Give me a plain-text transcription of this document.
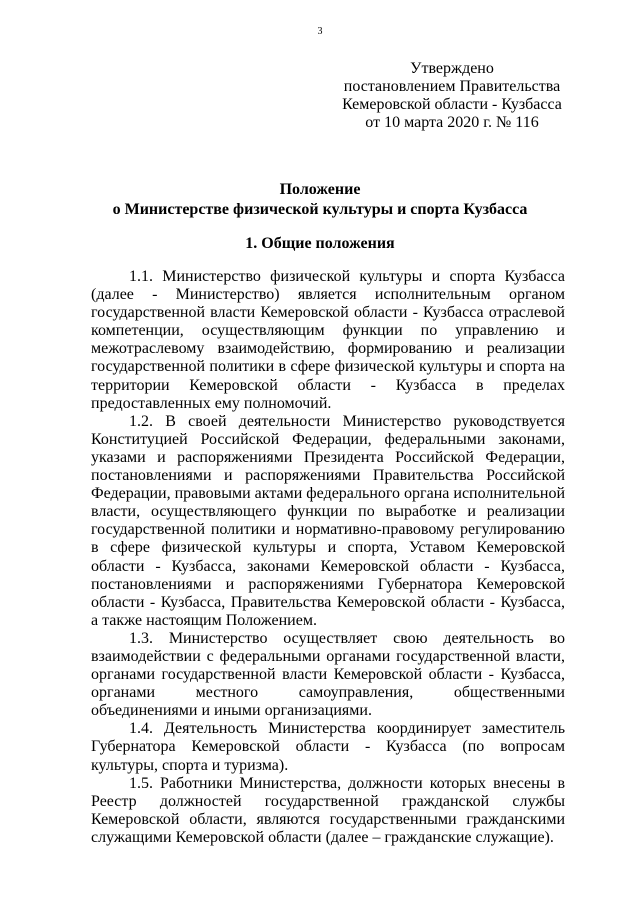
3
Утверждено
постановлением Правительства
Кемеровской области - Кузбасса
от 10 марта 2020 г. № 116
Положение
о Министерстве физической культуры и спорта Кузбасса
1. Общие положения

1.1. Министерство физической культуры и спорта Кузбасса (далее - Министерство) является исполнительным органом государственной власти Кемеровской области - Кузбасса отраслевой компетенции, осуществляющим функции по управлению и межотраслевому взаимодействию, формированию и реализации государственной политики в сфере физической культуры и спорта на территории Кемеровской области - Кузбасса в пределах предоставленных ему полномочий.

1.2. В своей деятельности Министерство руководствуется Конституцией Российской Федерации, федеральными законами, указами и распоряжениями Президента Российской Федерации, постановлениями и распоряжениями Правительства Российской Федерации, правовыми актами федерального органа исполнительной власти, осуществляющего функции по выработке и реализации государственной политики и нормативно-правовому регулированию в сфере физической культуры и спорта, Уставом Кемеровской области - Кузбасса, законами Кемеровской области - Кузбасса, постановлениями и распоряжениями Губернатора Кемеровской области - Кузбасса, Правительства Кемеровской области - Кузбасса, а также настоящим Положением.

1.3. Министерство осуществляет свою деятельность во взаимодействии с федеральными органами государственной власти, органами государственной власти Кемеровской области - Кузбасса, органами местного самоуправления, общественными объединениями и иными организациями.

1.4. Деятельность Министерства координирует заместитель Губернатора Кемеровской области - Кузбасса (по вопросам культуры, спорта и туризма).

1.5. Работники Министерства, должности которых внесены в Реестр должностей государственной гражданской службы Кемеровской области, являются государственными гражданскими служащими Кемеровской области (далее – гражданские служащие).
